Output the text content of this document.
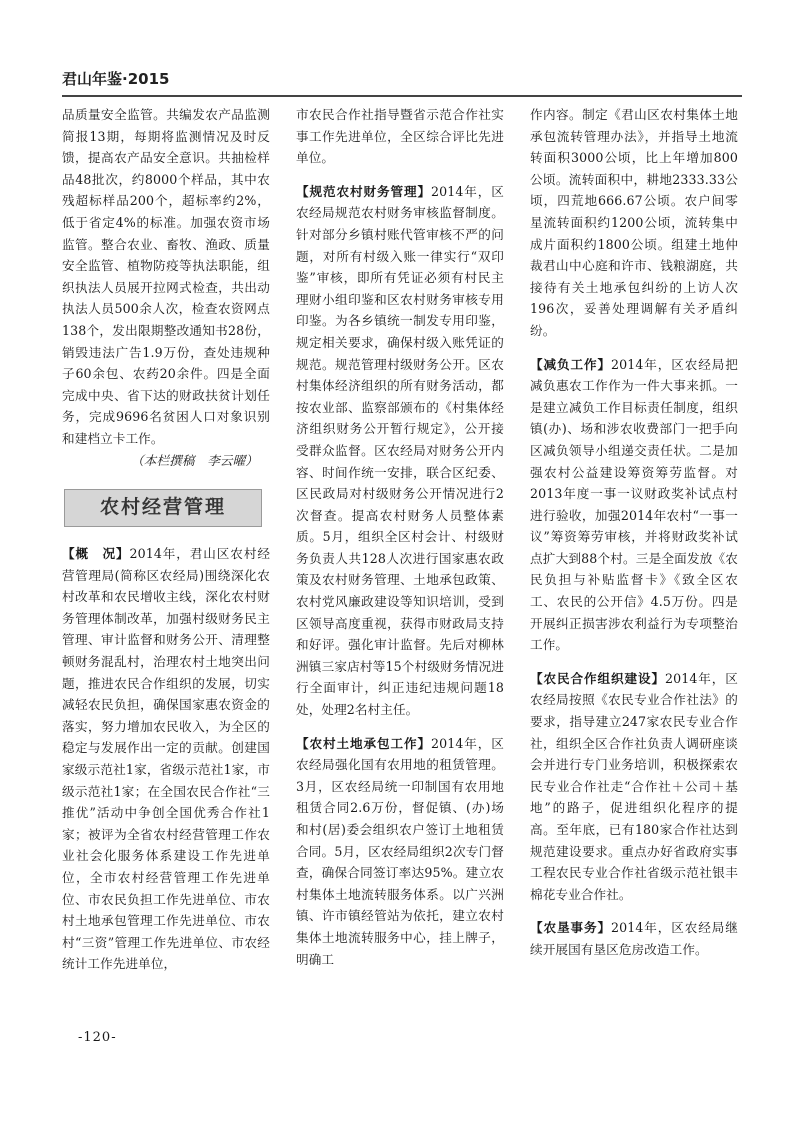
君山年鉴·2015

品质量安全监管。共编发农产品监测简报13期，每期将监测情况及时反馈，提高农产品安全意识。共抽检样品48批次，约8000个样品，其中农残超标样品200个，超标率约2%，低于省定4%的标准。加强农资市场监管。整合农业、畜牧、渔政、质量安全监管、植物防疫等执法职能，组织执法人员展开拉网式检查，共出动执法人员500余人次，检查农资网点138个，发出限期整改通知书28份，销毁违法广告1.9万份，查处违规种子60余包、农药20余件。四是全面完成中央、省下达的财政扶贫计划任务，完成9696名贫困人口对象识别和建档立卡工作。

（本栏撰稿　李云曜）

农村经营管理

【概　况】2014年，君山区农村经营管理局(简称区农经局)围绕深化农村改革和农民增收主线，深化农村财务管理体制改革，加强村级财务民主管理、审计监督和财务公开、清理整顿财务混乱村，治理农村土地突出问题，推进农民合作组织的发展，切实减轻农民负担，确保国家惠农资金的落实，努力增加农民收入，为全区的稳定与发展作出一定的贡献。创建国家级示范社1家，省级示范社1家，市级示范社1家；在全国农民合作社“三推优”活动中争创全国优秀合作社1家；被评为全省农村经营管理工作农业社会化服务体系建设工作先进单位，全市农村经营管理工作先进单位、市农民负担工作先进单位、市农村土地承包管理工作先进单位、市农村“三资”管理工作先进单位、市农经统计工作先进单位，

市农民合作社指导暨省示范合作社实事工作先进单位，全区综合评比先进单位。

【规范农村财务管理】2014年，区农经局规范农村财务审核监督制度。针对部分乡镇村账代管审核不严的问题，对所有村级入账一律实行“双印鉴”审核，即所有凭证必须有村民主理财小组印鉴和区农村财务审核专用印鉴。为各乡镇统一制发专用印鉴，规定相关要求，确保村级入账凭证的规范。规范管理村级财务公开。区农村集体经济组织的所有财务活动，都按农业部、监察部颁布的《村集体经济组织财务公开暂行规定》，公开接受群众监督。区农经局对财务公开内容、时间作统一安排，联合区纪委、区民政局对村级财务公开情况进行2次督查。提高农村财务人员整体素质。5月，组织全区村会计、村级财务负责人共128人次进行国家惠农政策及农村财务管理、土地承包政策、农村党风廉政建设等知识培训，受到区领导高度重视，获得市财政局支持和好评。强化审计监督。先后对柳林洲镇三家店村等15个村级财务情况进行全面审计，纠正违纪违规问题18处，处理2名村主任。

【农村土地承包工作】2014年，区农经局强化国有农用地的租赁管理。3月，区农经局统一印制国有农用地租赁合同2.6万份，督促镇、(办)场和村(居)委会组织农户签订土地租赁合同。5月，区农经局组织2次专门督查，确保合同签订率达95%。建立农村集体土地流转服务体系。以广兴洲镇、许市镇经管站为依托，建立农村集体土地流转服务中心，挂上牌子，明确工

作内容。制定《君山区农村集体土地承包流转管理办法》，并指导土地流转面积3000公顷，比上年增加800公顷。流转面积中，耕地2333.33公顷，四荒地666.67公顷。农户间零星流转面积约1200公顷，流转集中成片面积约1800公顷。组建土地仲裁君山中心庭和许市、钱粮湖庭，共接待有关土地承包纠纷的上访人次196次，妥善处理调解有关矛盾纠纷。

【减负工作】2014年，区农经局把减负惠农工作作为一件大事来抓。一是建立减负工作目标责任制度，组织镇(办)、场和涉农收费部门一把手向区减负领导小组递交责任状。二是加强农村公益建设筹资筹劳监督。对2013年度一事一议财政奖补试点村进行验收，加强2014年农村“一事一议”筹资筹劳审核，并将财政奖补试点扩大到88个村。三是全面发放《农民负担与补贴监督卡》《致全区农工、农民的公开信》4.5万份。四是开展纠正损害涉农利益行为专项整治工作。

【农民合作组织建设】2014年，区农经局按照《农民专业合作社法》的要求，指导建立247家农民专业合作社，组织全区合作社负责人调研座谈会并进行专门业务培训，积极探索农民专业合作社走“合作社＋公司＋基地”的路子，促进组织化程序的提高。至年底，已有180家合作社达到规范建设要求。重点办好省政府实事工程农民专业合作社省级示范社银丰棉花专业合作社。

【农垦事务】2014年，区农经局继续开展国有垦区危房改造工作。

-120-
